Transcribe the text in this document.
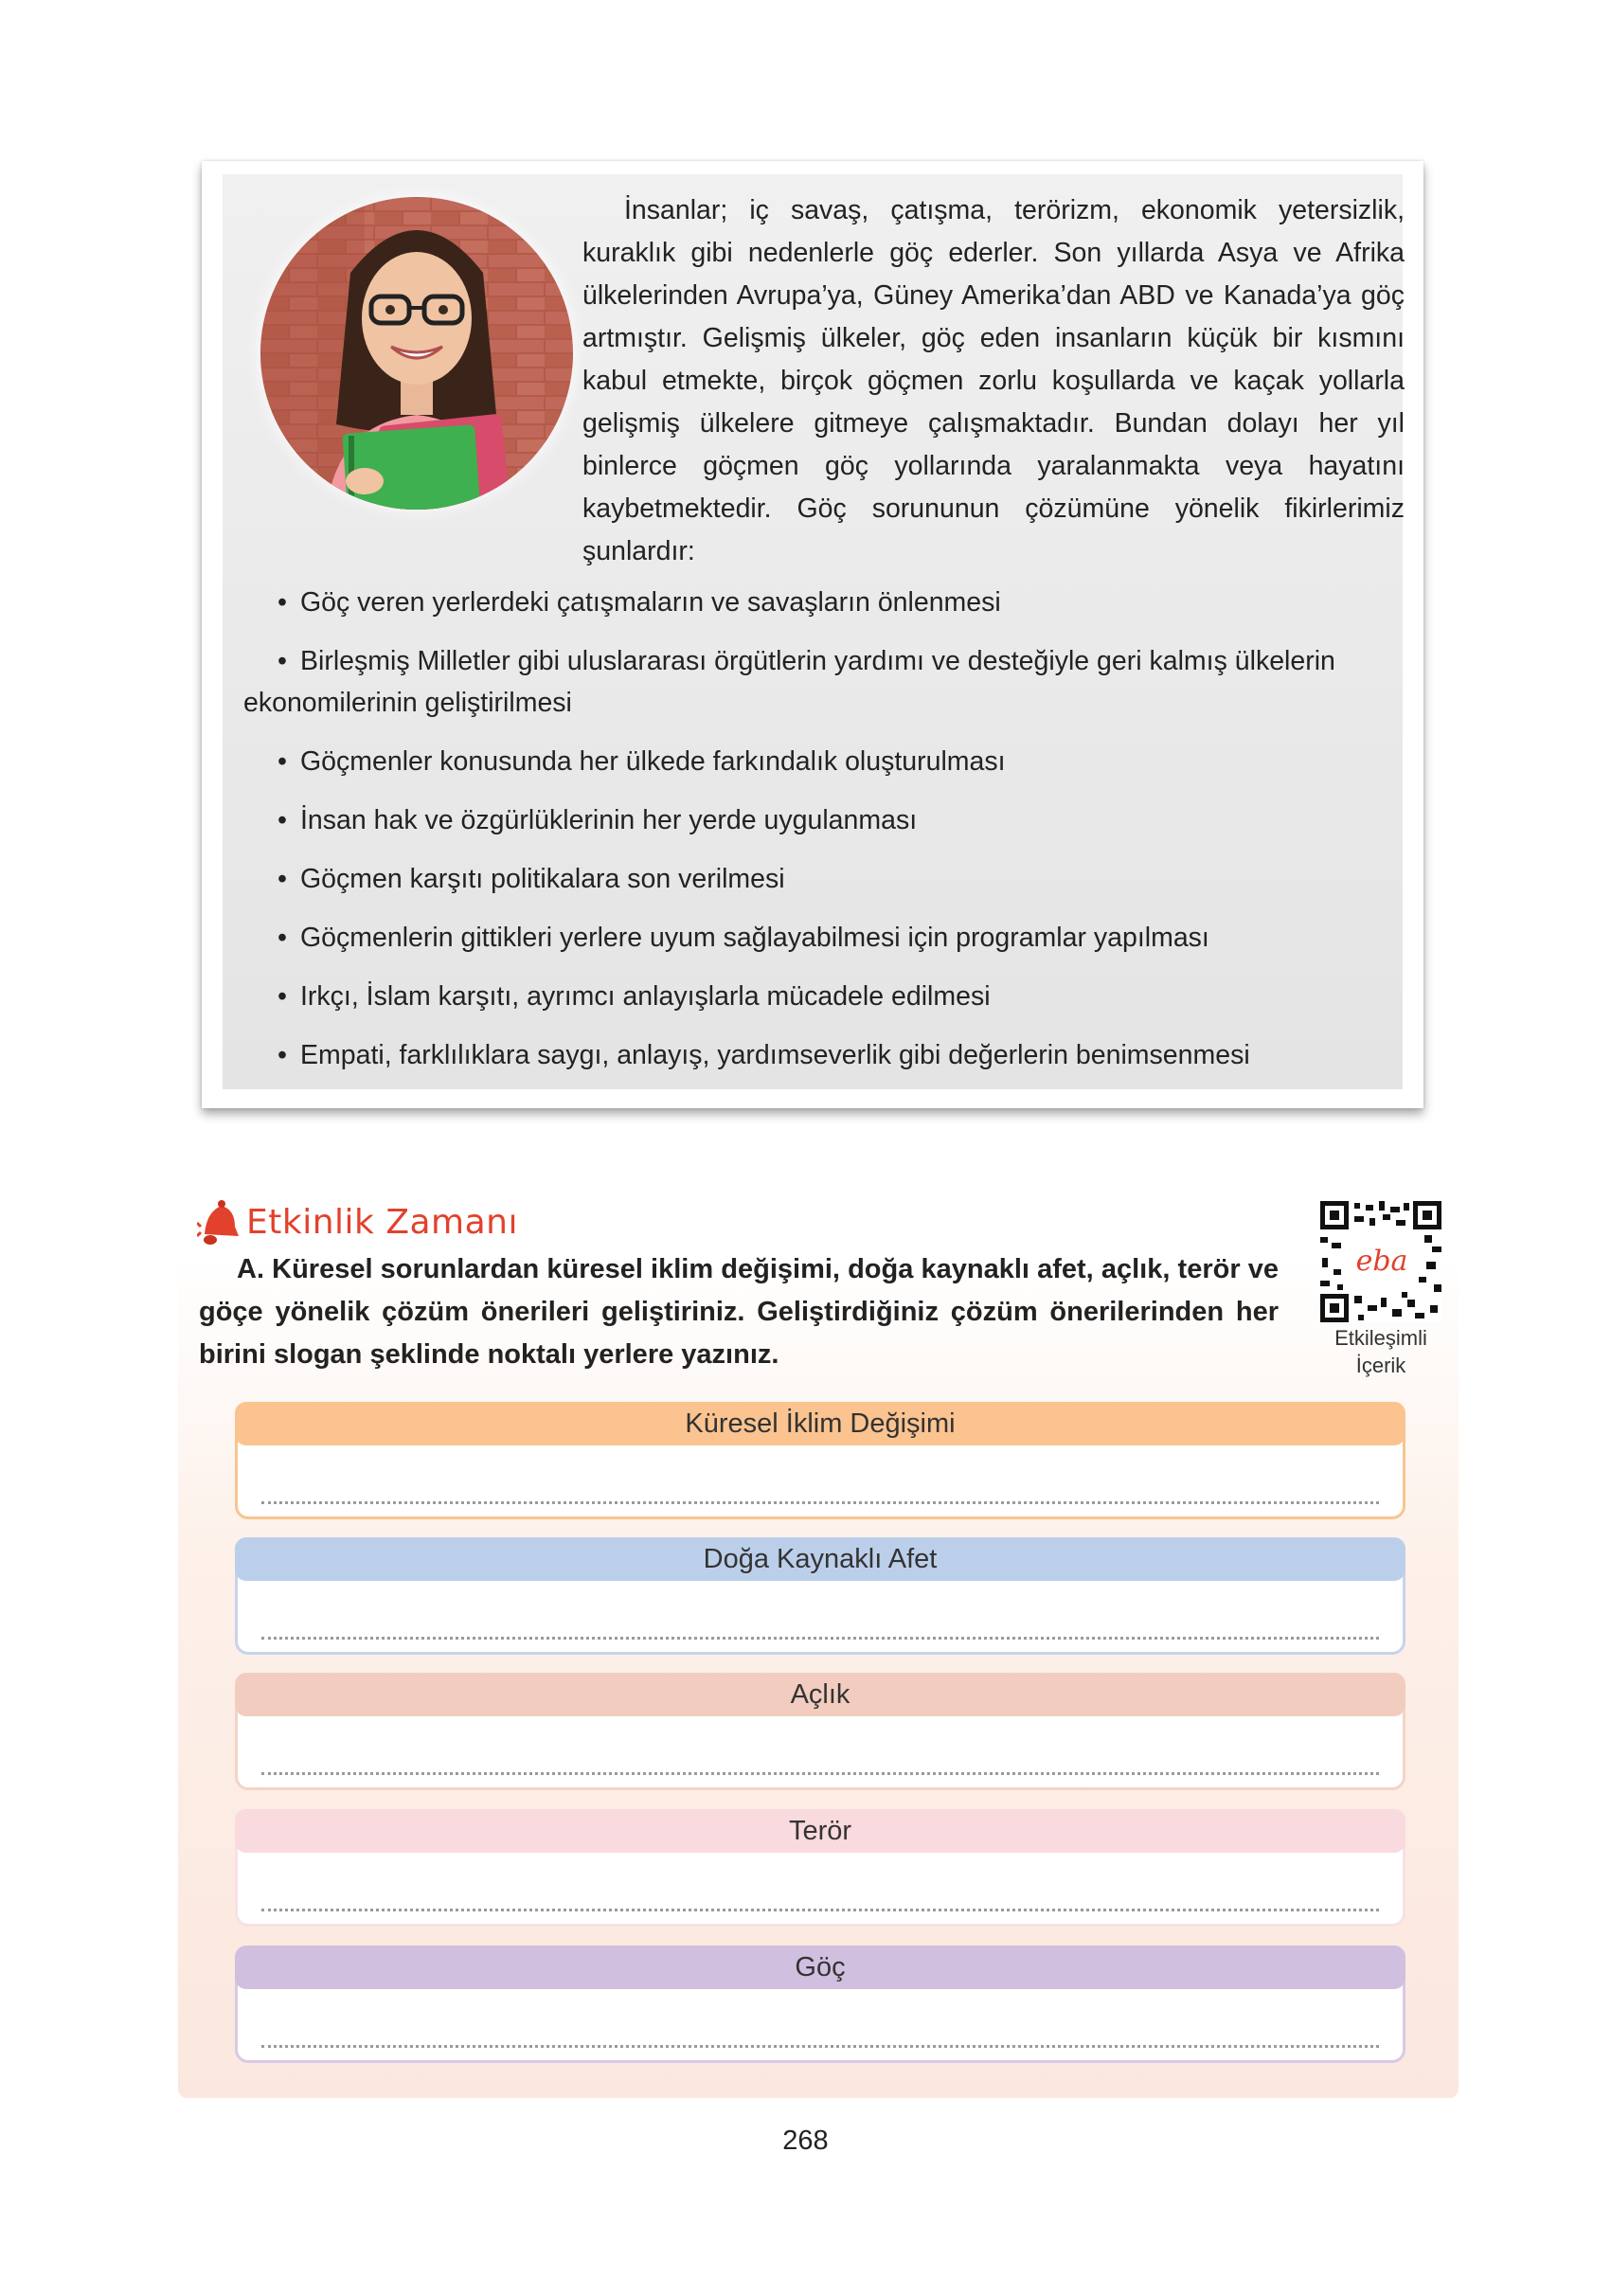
İnsanlar; iç savaş, çatışma, terörizm, ekonomik yetersizlik, kuraklık gibi nedenlerle göç ederler. Son yıllarda Asya ve Afrika ülkelerinden Avrupa’ya, Güney Amerika’dan ABD ve Kanada’ya göç artmıştır. Gelişmiş ülkeler, göç eden insanların küçük bir kısmını kabul etmekte, birçok göçmen zorlu koşullarda ve kaçak yollarla gelişmiş ülkelere gitmeye çalışmaktadır. Bundan dolayı her yıl binlerce göçmen göç yollarında yaralanmakta veya hayatını kaybetmektedir. Göç sorununun çözümüne yönelik fikirlerimiz şunlardır:

• Göç veren yerlerdeki çatışmaların ve savaşların önlenmesi
• Birleşmiş Milletler gibi uluslararası örgütlerin yardımı ve desteğiyle geri kalmış ülkelerin ekonomilerinin geliştirilmesi
• Göçmenler konusunda her ülkede farkındalık oluşturulması
• İnsan hak ve özgürlüklerinin her yerde uygulanması
• Göçmen karşıtı politikalara son verilmesi
• Göçmenlerin gittikleri yerlere uyum sağlayabilmesi için programlar yapılması
• Irkçı, İslam karşıtı, ayrımcı anlayışlarla mücadele edilmesi
• Empati, farklılıklara saygı, anlayış, yardımseverlik gibi değerlerin benimsenmesi
Etkinlik Zamanı

A. Küresel sorunlardan küresel iklim değişimi, doğa kaynaklı afet, açlık, terör ve göçe yönelik çözüm önerileri geliştiriniz. Geliştirdiğiniz çözüm önerilerinden her birini slogan şeklinde noktalı yerlere yazınız.

eba
Etkileşimli
İçerik
Küresel İklim Değişimi
Doğa Kaynaklı Afet
Açlık
Terör
Göç
268
